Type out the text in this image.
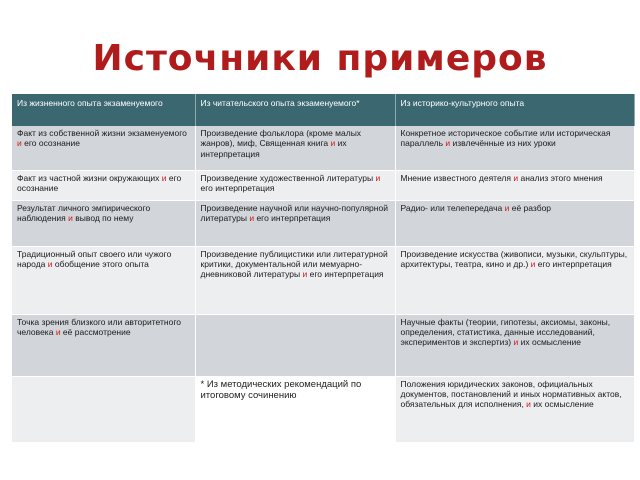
Источники примеров
Из жизненного опыта экзаменуемого	Из читательского опыта экзаменуемого*	Из историко-культурного опыта
Факт из собственной жизни экзаменуемого и его осознание	Произведение фольклора (кроме малых жанров), миф, Священная книга и их интерпретация	Конкретное историческое событие или историческая параллель и извлечённые из них уроки
Факт из частной жизни окружающих и его осознание	Произведение художественной литературы и его интерпретация	Мнение известного деятеля и анализ этого мнения
Результат личного эмпирического наблюдения и вывод по нему	Произведение научной или научно-популярной литературы и его интерпретация	Радио- или телепередача и её разбор
Традиционный опыт своего или чужого народа и обобщение этого опыта	Произведение публицистики или литературной критики, документальной или мемуарно-дневниковой литературы и его интерпретация	Произведение искусства (живописи, музыки, скульптуры, архитектуры, театра, кино и др.) и его интерпретация
Точка зрения близкого или авторитетного человека и её рассмотрение		Научные факты (теории, гипотезы, аксиомы, законы, определения, статистика, данные исследований, экспериментов и экспертиз) и их осмысление
	* Из методических рекомендаций по итоговому сочинению	Положения юридических законов, официальных документов, постановлений и иных нормативных актов, обязательных для исполнения, и их осмысление
